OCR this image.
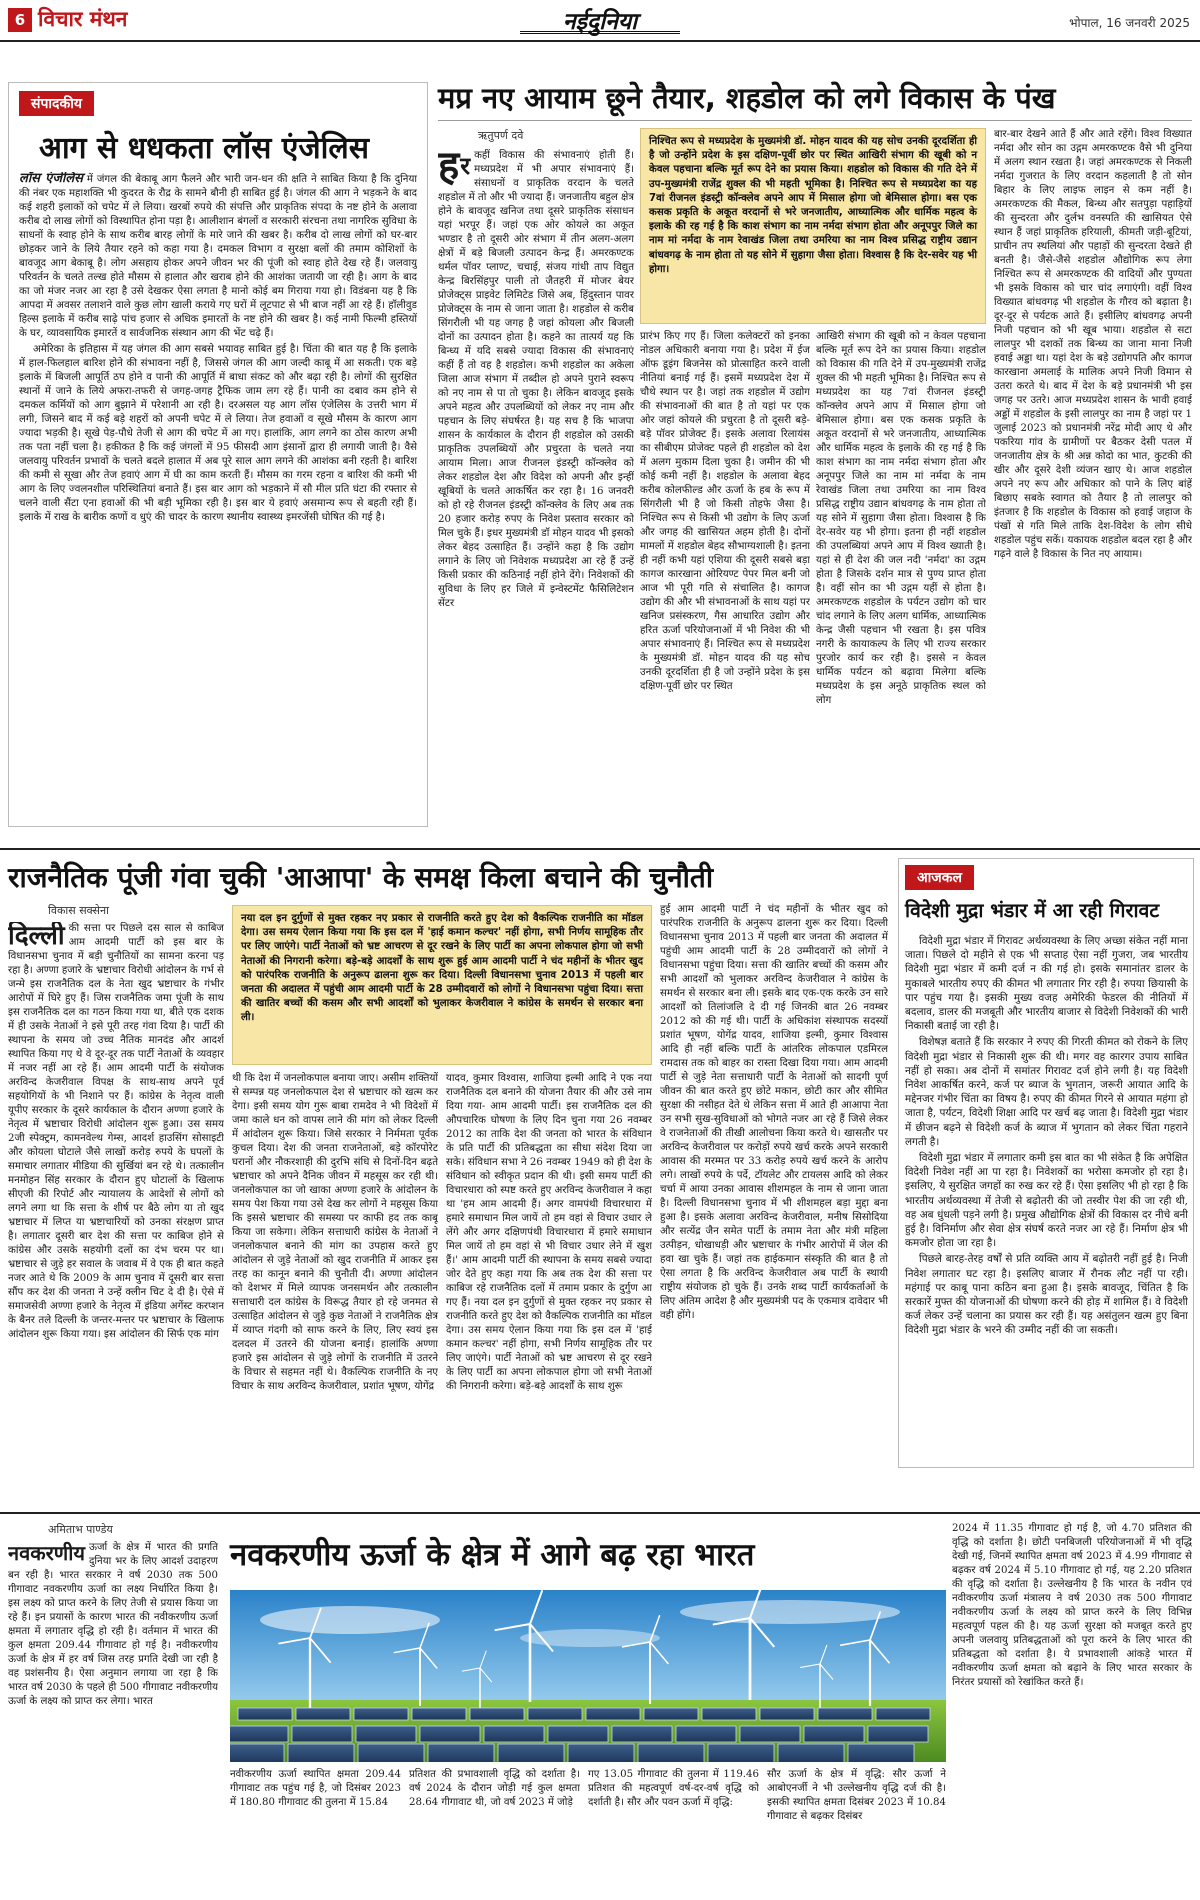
6 विचार मंथन	नईदुनिया	भोपाल, 16 जनवरी 2025
संपादकीय
आग से धधकता लॉस एंजेलिस

लॉस एंजेलिस में जंगल की बेकाबू आग फैलने और भारी जन-धन की क्षति ने साबित किया है कि दुनिया की नंबर एक महाशक्ति भी कुदरत के रौद्र के सामने बौनी ही साबित हुई है। जंगल की आग ने भड़कने के बाद कई शहरी इलाकों को चपेट में ले लिया। खरबों रुपये की संपत्ति और प्राकृतिक संपदा के नष्ट होने के अलावा करीब दो लाख लोगों को विस्थापित होना पड़ा है। आलीशान बंगलों व सरकारी संरचना तथा नागरिक सुविधा के साधनों के स्वाह होने के साथ करीब बारह लोगों के मारे जाने की खबर है। करीब दो लाख लोगों को घर-बार छोड़कर जाने के लिये तैयार रहने को कहा गया है। दमकल विभाग व सुरक्षा बलों की तमाम कोशिशों के बावजूद आग बेकाबू है। लोग असहाय होकर अपने जीवन भर की पूंजी को स्वाह होते देख रहे हैं। जलवायु परिवर्तन के चलते तल्ख होते मौसम से हालात और खराब होने की आशंका जतायी जा रही है। आग के बाद का जो मंजर नजर आ रहा है उसे देखकर ऐसा लगता है मानो कोई बम गिराया गया हो। विडंबना यह है कि आपदा में अवसर तलाशने वाले कुछ लोग खाली कराये गए घरों में लूटपाट से भी बाज नहीं आ रहे हैं। हॉलीवुड हिल्स इलाके में करीब साढ़े पांच हजार से अधिक इमारतों के नष्ट होने की खबर है। कई नामी फिल्मी हस्तियों के घर, व्यावसायिक इमारतें व सार्वजनिक संस्थान आग की भेंट चढ़े हैं।

अमेरिका के इतिहास में यह जंगल की आग सबसे भयावह साबित हुई है। चिंता की बात यह है कि इलाके में हाल-फिलहाल बारिश होने की संभावना नहीं है, जिससे जंगल की आग जल्दी काबू में आ सकती। एक बड़े इलाके में बिजली आपूर्ति ठप होने व पानी की आपूर्ति में बाधा संकट को और बढ़ा रही है। लोगों की सुरक्षित स्थानों में जाने के लिये अफरा-तफरी से जगह-जगह ट्रैफिक जाम लग रहे हैं। पानी का दबाव कम होने से दमकल कर्मियों को आग बुझाने में परेशानी आ रही है। दरअसल यह आग लॉस एंजेलिस के उत्तरी भाग में लगी, जिसने बाद में कई बड़े शहरों को अपनी चपेट में ले लिया। तेज हवाओं व सूखे मौसम के कारण आग ज्यादा भड़की है। सूखे पेड़-पौधे तेजी से आग की चपेट में आ गए। हालांकि, आग लगने का ठोस कारण अभी तक पता नहीं चला है। हकीकत है कि कई जंगलों में 95 फीसदी आग इंसानों द्वारा ही लगायी जाती है। वैसे जलवायु परिवर्तन प्रभावों के चलते बदले हालात में अब पूरे साल आग लगने की आशंका बनी रहती है। बारिश की कमी से सूखा और तेज हवाएं आग में घी का काम करती हैं। मौसम का गरम रहना व बारिश की कमी भी आग के लिए ज्वलनशील परिस्थितियां बनाते हैं। इस बार आग को भड़काने में सौ मील प्रति घंटा की रफ्तार से चलने वाली सैंटा एना हवाओं की भी बड़ी भूमिका रही है। इस बार ये हवाएं असमान्य रूप से बहती रही हैं। इलाके में राख के बारीक कणों व धुएं की चादर के कारण स्थानीय स्वास्थ्य इमरजेंसी घोषित की गई है।

मप्र नए आयाम छूने तैयार, शहडोल को लगे विकास के पंख
ऋतुपर्ण दवे

ह र कहीं विकास की संभावनाएं होती हैं। मध्यप्रदेश में भी अपार संभावनाएं हैं। संसाधनों व प्राकृतिक वरदान के चलते शहडोल में तो और भी ज्यादा हैं। जनजातीय बहुल क्षेत्र होने के बावजूद खनिज तथा दूसरे प्राकृतिक संसाधन यहां भरपूर हैं। जहां एक ओर कोयले का अकूत भण्डार है तो दूसरी ओर संभाग में तीन अलग-अलग क्षेत्रों में बड़े बिजली उत्पादन केन्द्र हैं। अमरकण्टक थर्मल पॉवर प्लाण्ट, चचाई, संजय गांधी ताप विद्युत केन्द्र बिरसिंहपुर पाली तो जैतहरी में मोजर बेयर प्रोजेक्ट्स प्राइवेट लिमिटेड जिसे अब, हिंदुस्तान पावर प्रोजेक्ट्स के नाम से जाना जाता है। शहडोल से करीब सिंगरौली भी यह जगह है जहां कोयला और बिजली दोनों का उत्पादन होता है। कहने का तात्पर्य यह कि बिन्ध्य में यदि सबसे ज्यादा विकास की संभावनाएं कहीं हैं तो वह है शहडोल। कभी शहडोल का अकेला जिला आज संभाग में तब्दील हो अपने पुराने स्वरूप को नए नाम से पा तो चुका है। लेकिन बावजूद इसके अपने महत्व और उपलब्धियों को लेकर नए नाम और पहचान के लिए संघर्षरत है। यह सच है कि भाजपा शासन के कार्यकाल के दौरान ही शहडोल को उसकी प्राकृतिक उपलब्धियों और प्रचुरता के चलते नया आयाम मिला। आज रीजनल इंडस्ट्री कॉन्क्लेव को लेकर शहडोल देश और विदेश को अपनी और इन्हीं खूबियों के चलते आकर्षित कर रहा है। 16 जनवरी को हो रहे रीजनल इंडस्ट्री कॉन्क्लेव के लिए अब तक 20 हजार करोड़ रुपए के निवेश प्रस्ताव सरकार को मिल चुके हैं। इधर मुख्यमंत्री डॉ मोहन यादव भी इसको लेकर बेहद उत्साहित हैं। उन्होंने कहा है कि उद्योग लगाने के लिए जो निवेशक मध्यप्रदेश आ रहे हैं उन्हें किसी प्रकार की कठिनाई नहीं होने देंगे। निवेशकों की सुविधा के लिए हर जिले में इन्वेस्टमेंट फैसिलिटेशन सेंटर

निश्चित रूप से मध्यप्रदेश के मुख्यमंत्री डॉ. मोहन यादव की यह सोच उनकी दूरदर्शिता ही है जो उन्होंने प्रदेश के इस दक्षिण-पूर्वी छोर पर स्थित आखिरी संभाग की खूबी को न केवल पहचाना बल्कि मूर्त रूप देने का प्रयास किया। शहडोल को विकास की गति देने में उप-मुख्यमंत्री राजेंद्र शुक्ल की भी महती भूमिका है। निश्चित रूप से मध्यप्रदेश का यह 7वां रीजनल इंडस्ट्री कॉन्क्लेव अपने आप में मिसाल होगा जो बेमिसाल होगा। बस एक कसक प्रकृति के अकूत वरदानों से भरे जनजातीय, आध्यात्मिक और धार्मिक महत्व के इलाके की रह गई है कि काश संभाग का नाम नर्मदा संभाग होता और अनूपपुर जिले का नाम मां नर्मदा के नाम रेवाखंड जिला तथा उमरिया का नाम विश्व प्रसिद्ध राष्ट्रीय उद्यान बांधवगढ़ के नाम होता तो यह सोने में सुहागा जैसा होता। विश्वास है कि देर-सवेर यह भी होगा।
प्रारंभ किए गए हैं। जिला कलेक्टरों को इनका नोडल अधिकारी बनाया गया है। प्रदेश में ईज ऑफ डूइंग बिजनेस को प्रोत्साहित करने वाली नीतियां बनाई गई हैं। इसमें मध्यप्रदेश देश में चौथे स्थान पर है। जहां तक शहडोल में उद्योग की संभावनाओं की बात है तो यहां पर एक ओर जहां कोयले की प्रचुरता है तो दूसरी बड़े-बड़े पॉवर प्रोजेक्ट हैं। इसके अलावा रिलायंस का सीबीएम प्रोजेक्ट पहले ही शहडोल को देश में अलग मुकाम दिला चुका है। जमीन की भी कोई कमी नहीं है। शहडोल के अलावा बेहद करीब कोलफील्ड और ऊर्जा के हब के रूप में सिंगरौली भी है जो किसी तोहफे जैसा है। निश्चित रूप से किसी भी उद्योग के लिए ऊर्जा और जगह की खासियत अहम होती है। दोनों मामलों में शहडोल बेहद सौभाग्यशाली है। इतना ही नहीं कभी यहां एशिया की दूसरी सबसे बड़ा कागज कारखाना ओरियण्ट पेपर मिल बनी जो आज भी पूरी गति से संचालित है। कागज उद्योग की और भी संभावनाओं के साथ यहां पर खनिज प्रसंस्करण, गैस आधारित उद्योग और हरित ऊर्जा परियोजनाओं में भी निवेश की भी अपार संभावनाएं हैं। निश्चित रूप से मध्यप्रदेश के मुख्यमंत्री डॉ. मोहन यादव की यह सोच उनकी दूरदर्शिता ही है जो उन्होंने प्रदेश के इस दक्षिण-पूर्वी छोर पर स्थित
आखिरी संभाग की खूबी को न केवल पहचाना बल्कि मूर्त रूप देने का प्रयास किया। शहडोल को विकास की गति देने में उप-मुख्यमंत्री राजेंद्र शुक्ल की भी महती भूमिका है। निश्चित रूप से मध्यप्रदेश का यह 7वां रीजनल इंडस्ट्री कॉन्क्लेव अपने आप में मिसाल होगा जो बेमिसाल होगा। बस एक कसक प्रकृति के अकूत वरदानों से भरे जनजातीय, आध्यात्मिक और धार्मिक महत्व के इलाके की रह गई है कि काश संभाग का नाम नर्मदा संभाग होता और अनूपपुर जिले का नाम मां नर्मदा के नाम रेवाखंड जिला तथा उमरिया का नाम विश्व प्रसिद्ध राष्ट्रीय उद्यान बांधवगढ़ के नाम होता तो यह सोने में सुहागा जैसा होता। विश्वास है कि देर-सवेर यह भी होगा। इतना ही नहीं शहडोल की उपलब्धियां अपने आप में विश्व ख्याती है। यहां से ही देश की जल नदी 'नर्मदा' का उद्गम होता है जिसके दर्शन मात्र से पुण्य प्राप्त होता है। वहीं सोन का भी उद्गम यहीं से होता है। अमरकण्टक शहडोल के पर्यटन उद्योग को चार चांद लगाने के लिए अलग धार्मिक, आध्यात्मिक केन्द्र जैसी पहचान भी रखता है। इस पवित्र नगरी के कायाकल्प के लिए भी राज्य सरकार पुरजोर कार्य कर रही है। इससे न केवल धार्मिक पर्यटन को बढ़ावा मिलेगा बल्कि मध्यप्रदेश के इस अनूठे प्राकृतिक स्थल को लोग
बार-बार देखने आते हैं और आते रहेंगे। विश्व विख्यात नर्मदा और सोन का उद्गम अमरकण्टक वैसे भी दुनिया में अलग स्थान रखता है। जहां अमरकण्टक से निकली नर्मदा गुजरात के लिए वरदान कहलाती है तो सोन बिहार के लिए लाइफ लाइन से कम नहीं है। अमरकण्टक की मैकल, बिन्ध्य और सतपुड़ा पहाड़ियों की सुन्दरता और दुर्लभ वनस्पति की खासियत ऐसे स्थान हैं जहां प्राकृतिक हरियाली, कीमती जड़ी-बूटियां, प्राचीन तप स्थलियां और पहाड़ों की सुन्दरता देखते ही बनती है। जैसे-जैसे शहडोल औद्योगिक रूप लेगा निश्चित रूप से अमरकण्टक की वादियों और पुण्यता भी इसके विकास को चार चांद लगाएंगी। वहीं विश्व विख्यात बांधवगढ़ भी शहडोल के गौरव को बढ़ाता है। दूर-दूर से पर्यटक आते हैं। इसीलिए बांधवगढ़ अपनी निजी पहचान को भी खूब भाया। शहडोल से सटा लालपुर भी दशकों तक बिन्ध्य का जाना माना निजी हवाई अड्डा था। यहां देश के बड़े उद्योगपति और कागज कारखाना अमलाई के मालिक अपने निजी विमान से उतरा करते थे। बाद में देश के बड़े प्रधानमंत्री भी इस जगह पर उतरे। आज मध्यप्रदेश शासन के भावी हवाई अड्डों में शहडोल के इसी लालपुर का नाम है जहां पर 1 जुलाई 2023 को प्रधानमंत्री नरेंद्र मोदी आए थे और पकरिया गांव के ग्रामीणों पर बैठकर देसी पतल में जनजातीय क्षेत्र के श्री अन्न कोदो का भात, कुटकी की खीर और दूसरे देशी व्यंजन खाए थे। आज शहडोल अपने नए रूप और अधिकार को पाने के लिए बांहें बिछाए सबके स्वागत को तैयार है तो लालपुर को इंतजार है कि शहडोल के विकास को हवाई जहाज के पंखों से गति मिले ताकि देश-विदेश के लोग सीधे शहडोल पहुंच सकें। यकायक शहडोल बदल रहा है और गढ़ने वाले है विकास के नित नए आयाम।
राजनैतिक पूंजी गंवा चुकी 'आआपा' के समक्ष किला बचाने की चुनौती
विकास सक्सेना

दिल्ली की सत्ता पर पिछले दस साल से काबिज आम आदमी पार्टी को इस बार के विधानसभा चुनाव में बड़ी चुनौतियों का सामना करना पड़ रहा है। अण्णा हजारे के भ्रष्टाचार विरोधी आंदोलन के गर्भ से जन्मे इस राजनैतिक दल के नेता खुद भ्रष्टाचार के गंभीर आरोपों में घिरे हुए हैं। जिस राजनैतिक जमा पूंजी के साथ इस राजनैतिक दल का गठन किया गया था, बीते एक दशक में ही उसके नेताओं ने इसे पूरी तरह गंवा दिया है। पार्टी की स्थापना के समय जो उच्च नैतिक मानदंड और आदर्श स्थापित किया गए थे वे दूर-दूर तक पार्टी नेताओं के व्यवहार में नजर नहीं आ रहे हैं। आम आदमी पार्टी के संयोजक अरविन्द केजरीवाल विपक्ष के साथ-साथ अपने पूर्व सहयोगियों के भी निशाने पर हैं। कांग्रेस के नेतृत्व वाली यूपीए सरकार के दूसरे कार्यकाल के दौरान अण्णा हजारे के नेतृत्व में भ्रष्टाचार विरोधी आंदोलन शुरू हुआ। उस समय 2जी स्पेक्ट्रम, कामनवेल्थ गेम्स, आदर्श हाउसिंग सोसाइटी और कोयला घोटाले जैसे लाखों करोड़ रुपये के घपलों के समाचार लगातार मीडिया की सुर्खियां बन रहे थे। तत्कालीन मनमोहन सिंह सरकार के दौरान हुए घोटालों के खिलाफ सीएजी की रिपोर्ट और न्यायालय के आदेशों से लोगों को लगने लगा था कि सत्ता के शीर्ष पर बैठे लोग या तो खुद भ्रष्टाचार में लिप्त या भ्रष्टाचारियों को उनका संरक्षण प्राप्त है। लगातार दूसरी बार देश की सत्ता पर काबिज होने से कांग्रेस और उसके सहयोगी दलों का दंभ चरम पर था। भ्रष्टाचार से जुड़े हर सवाल के जवाब में वे एक ही बात कहते नजर आते थे कि 2009 के आम चुनाव में दूसरी बार सत्ता सौंप कर देश की जनता ने उन्हें क्लीन चिट दे दी है। ऐसे में समाजसेवी अण्णा हजारे के नेतृत्व में इंडिया अगेंस्ट करप्शन के बैनर तले दिल्ली के जन्तर-मन्तर पर भ्रष्टाचार के खिलाफ आंदोलन शुरू किया गया। इस आंदोलन की सिर्फ एक मांग

नया दल इन दुर्गुणों से मुक्त रहकर नए प्रकार से राजनीति करते हुए देश को वैकल्पिक राजनीति का मॉडल देगा। उस समय ऐलान किया गया कि इस दल में 'हाई कमान कल्चर' नहीं होगा, सभी निर्णय सामूहिक तौर पर लिए जाएंगे। पार्टी नेताओं को भ्रष्ट आचरण से दूर रखने के लिए पार्टी का अपना लोकपाल होगा जो सभी नेताओं की निगरानी करेगा। बड़े-बड़े आदर्शों के साथ शुरू हुई आम आदमी पार्टी ने चंद महीनों के भीतर खुद को पारंपरिक राजनीति के अनुरूप ढालना शुरू कर दिया। दिल्ली विधानसभा चुनाव 2013 में पहली बार जनता की अदालत में पहुंची आम आदमी पार्टी के 28 उम्मीदवारों को लोगों ने विधानसभा पहुंचा दिया। सत्ता की खातिर बच्चों की कसम और सभी आदर्शों को भुलाकर केजरीवाल ने कांग्रेस के समर्थन से सरकार बना ली।
थी कि देश में जनलोकपाल बनाया जाए। असीम शक्तियों से सम्पन्न यह जनलोकपाल देश से भ्रष्टाचार को खत्म कर देगा। इसी समय योग गुरू बाबा रामदेव ने भी विदेशों में जमा काले धन को वापस लाने की मांग को लेकर दिल्ली में आंदोलन शुरू किया। जिसे सरकार ने निर्ममता पूर्वक कुचल दिया। देश की जनता राजनेताओं, बड़े कॉरपोरेट घरानों और नौकरशाही की दुरभि संधि से दिनों-दिन बढ़ते भ्रष्टाचार को अपने दैनिक जीवन में महसूस कर रही थी। जनलोकपाल का जो खाका अण्णा हजारे के आंदोलन के समय पेश किया गया उसे देख कर लोगों ने महसूस किया कि इससे भ्रष्टाचार की समस्या पर काफी हद तक काबू किया जा सकेगा। लेकिन सत्ताधारी कांग्रेस के नेताओं ने जनलोकपाल बनाने की मांग का उपहास करते हुए आंदोलन से जुड़े नेताओं को खुद राजनीति में आकर इस तरह का कानून बनाने की चुनौती दी। अण्णा आंदोलन को देशभर में मिले व्यापक जनसमर्थन और तत्कालीन सत्ताधारी दल कांग्रेस के विरूद्ध तैयार हो रहे जनमत से उत्साहित आंदोलन से जुड़े कुछ नेताओं ने राजनैतिक क्षेत्र में व्याप्त गंदगी को साफ करने के लिए, लिए स्वयं इस दलदल में उतरने की योजना बनाई। हालांकि अण्णा हजारे इस आंदोलन से जुड़े लोगों के राजनीति में उतरने के विचार से सहमत नहीं थे। वैकल्पिक राजनीति के नए विचार के साथ अरविन्द केजरीवाल, प्रशांत भूषण, योगेंद्र
यादव, कुमार विश्वास, शाजिया इल्मी आदि ने एक नया राजनैतिक दल बनाने की योजना तैयार की और उसे नाम दिया गया- आम आदमी पार्टी। इस राजनैतिक दल की औपचारिक घोषणा के लिए दिन चुना गया 26 नवम्बर 2012 का ताकि देश की जनता को भारत के संविधान के प्रति पार्टी की प्रतिबद्धता का सीधा संदेश दिया जा सके। संविधान सभा ने 26 नवम्बर 1949 को ही देश के संविधान को स्वीकृत प्रदान की थी। इसी समय पार्टी की विचारधारा को स्पष्ट करते हुए अरविन्द केजरीवाल ने कहा था 'हम आम आदमी हैं। अगर वामपंथी विचारधारा में हमारे समाधान मिल जायें तो हम वहां से विचार उधार ले लेंगे और अगर दक्षिणपंथी विचारधारा में हमारे समाधान मिल जायें तो हम वहां से भी विचार उधार लेने में खुश हैं।' आम आदमी पार्टी की स्थापना के समय सबसे ज्यादा जोर देते हुए कहा गया कि अब तक देश की सत्ता पर काबिज रहे राजनैतिक दलों में तमाम प्रकार के दुर्गुण आ गए हैं। नया दल इन दुर्गुणों से मुक्त रहकर नए प्रकार से राजनीति करते हुए देश को वैकल्पिक राजनीति का मॉडल देगा। उस समय ऐलान किया गया कि इस दल में 'हाई कमान कल्चर' नहीं होगा, सभी निर्णय सामूहिक तौर पर लिए जाएंगे। पार्टी नेताओं को भ्रष्ट आचरण से दूर रखने के लिए पार्टी का अपना लोकपाल होगा जो सभी नेताओं की निगरानी करेगा। बड़े-बड़े आदर्शों के साथ शुरू
हुई आम आदमी पार्टी ने चंद महीनों के भीतर खुद को पारंपरिक राजनीति के अनुरूप ढालना शुरू कर दिया। दिल्ली विधानसभा चुनाव 2013 में पहली बार जनता की अदालत में पहुंची आम आदमी पार्टी के 28 उम्मीदवारों को लोगों ने विधानसभा पहुंचा दिया। सत्ता की खातिर बच्चों की कसम और सभी आदर्शों को भुलाकर अरविन्द केजरीवाल ने कांग्रेस के समर्थन से सरकार बना ली। इसके बाद एक-एक करके उन सारे आदर्शों को तिलांजलि दे दी गई जिनकी बात 26 नवम्बर 2012 को की गई थी। पार्टी के अधिकांश संस्थापक सदस्यों प्रशांत भूषण, योगेंद्र यादव, शाजिया इल्मी, कुमार विश्वास आदि ही नहीं बल्कि पार्टी के आंतरिक लोकपाल एडमिरल रामदास तक को बाहर का रास्ता दिखा दिया गया। आम आदमी पार्टी से जुड़े नेता सत्ताधारी पार्टी के नेताओं को सादगी पूर्ण जीवन की बात करते हुए छोटे मकान, छोटी कार और सीमित सुरक्षा की नसीहत देते थे लेकिन सत्ता में आते ही आआपा नेता उन सभी सुख-सुविधाओं को भोगते नजर आ रहे हैं जिसे लेकर वे राजनेताओं की तीखी आलोचना किया करते थे। खासतौर पर अरविन्द केजरीवाल पर करोड़ों रुपये खर्च करके अपने सरकारी आवास की मरम्मत पर 33 करोड़ रुपये खर्च करने के आरोप लगे। लाखों रुपये के पर्दे, टॉयलेट और टायलस आदि को लेकर चर्चा में आया उनका आवास शीशमहल के नाम से जाना जाता है। दिल्ली विधानसभा चुनाव में भी शीशमहल बड़ा मुद्दा बना हुआ है। इसके अलावा अरविन्द केजरीवाल, मनीष सिसोदिया और सत्येंद्र जैन समेत पार्टी के तमाम नेता और मंत्री महिला उत्पीड़न, धोखाधड़ी और भ्रष्टाचार के गंभीर आरोपों में जेल की हवा खा चुके हैं। जहां तक हाईकमान संस्कृति की बात है तो ऐसा लगता है कि अरविन्द केजरीवाल अब पार्टी के स्थायी राष्ट्रीय संयोजक हो चुके हैं। उनके शब्द पार्टी कार्यकर्ताओं के लिए अंतिम आदेश है और मुख्यमंत्री पद के एकमात्र दावेदार भी वही होंगे।
आजकल
विदेशी मुद्रा भंडार में आ रही गिरावट

विदेशी मुद्रा भंडार में गिरावट अर्थव्यवस्था के लिए अच्छा संकेत नहीं माना जाता। पिछले दो महीने से एक भी सप्ताह ऐसा नहीं गुजरा, जब भारतीय विदेशी मुद्रा भंडार में कमी दर्ज न की गई हो। इसके समानांतर डालर के मुकाबले भारतीय रुपए की कीमत भी लगातार गिर रही है। रुपया छियासी के पार पहुंच गया है। इसकी मुख्य वजह अमेरिकी फेडरल की नीतियों में बदलाव, डालर की मजबूती और भारतीय बाजार से विदेशी निवेशकों की भारी निकासी बताई जा रही है।

विशेषज्ञ बताते हैं कि सरकार ने रुपए की गिरती कीमत को रोकने के लिए विदेशी मुद्रा भंडार से निकासी शुरू की थी। मगर वह कारगर उपाय साबित नहीं हो सका। अब दोनों में समांतर गिरावट दर्ज होने लगी है। यह विदेशी निवेश आकर्षित करने, कर्ज पर ब्याज के भुगतान, जरूरी आयात आदि के मद्देनजर गंभीर चिंता का विषय है। रुपए की कीमत गिरने से आयात महंगा हो जाता है, पर्यटन, विदेशी शिक्षा आदि पर खर्च बढ़ जाता है। विदेशी मुद्रा भंडार में छीजन बढ़ने से विदेशी कर्ज के ब्याज में भुगतान को लेकर चिंता गहराने लगती है।

विदेशी मुद्रा भंडार में लगातार कमी इस बात का भी संकेत है कि अपेक्षित विदेशी निवेश नहीं आ पा रहा है। निवेशकों का भरोसा कमजोर हो रहा है। इसलिए, ये सुरक्षित जगहों का रुख कर रहे हैं। ऐसा इसलिए भी हो रहा है कि भारतीय अर्थव्यवस्था में तेजी से बढ़ोतरी की जो तस्वीर पेश की जा रही थी, वह अब धुंधली पड़ने लगी है। प्रमुख औद्योगिक क्षेत्रों की विकास दर नीचे बनी हुई है। विनिर्माण और सेवा क्षेत्र संघर्ष करते नजर आ रहे हैं। निर्माण क्षेत्र भी कमजोर होता जा रहा है।

पिछले बारह-तेरह वर्षों से प्रति व्यक्ति आय में बढ़ोतरी नहीं हुई है। निजी निवेश लगातार घट रहा है। इसलिए बाजार में रौनक लौट नहीं पा रही। महंगाई पर काबू पाना कठिन बना हुआ है। इसके बावजूद, चिंतित है कि सरकारें मुफ्त की योजनाओं की घोषणा करने की होड़ में शामिल हैं। वे विदेशी कर्ज लेकर उन्हें चलाना का प्रयास कर रही हैं। यह असंतुलन खत्म हुए बिना विदेशी मुद्रा भंडार के भरने की उम्मीद नहीं की जा सकती।

अमिताभ पाण्डेय

नवकरणीय ऊर्जा के क्षेत्र में भारत की प्रगति दुनिया भर के लिए आदर्श उदाहरण बन रही है। भारत सरकार ने वर्ष 2030 तक 500 गीगावाट नवकरणीय ऊर्जा का लक्ष्य निर्धारित किया है। इस लक्ष्य को प्राप्त करने के लिए तेजी से प्रयास किया जा रहे हैं। इन प्रयासों के कारण भारत की नवीकरणीय ऊर्जा क्षमता में लगातार वृद्धि हो रही है। वर्तमान में भारत की कुल क्षमता 209.44 गीगावाट हो गई है। नवीकरणीय ऊर्जा के क्षेत्र में हर वर्ष जिस तरह प्रगति देखी जा रही है वह प्रशंसनीय है। ऐसा अनुमान लगाया जा रहा है कि भारत वर्ष 2030 के पहले ही 500 गीगावाट नवीकरणीय ऊर्जा के लक्ष्य को प्राप्त कर लेगा। भारत

नवकरणीय ऊर्जा के क्षेत्र में आगे बढ़ रहा भारत
नवीकरणीय ऊर्जा स्थापित क्षमता 209.44 गीगावाट तक पहुंच गई है, जो दिसंबर 2023 में 180.80 गीगावाट की तुलना में 15.84
प्रतिशत की प्रभावशाली वृद्धि को दर्शाता है। वर्ष 2024 के दौरान जोड़ी गई कुल क्षमता 28.64 गीगावाट थी, जो वर्ष 2023 में जोड़े
गए 13.05 गीगावाट की तुलना में 119.46 प्रतिशत की महत्वपूर्ण वर्ष-दर-वर्ष वृद्धि को दर्शाती है। सौर और पवन ऊर्जा में वृद्धि:
सौर ऊर्जा के क्षेत्र में वृद्धि: सौर ऊर्जा ने आबोएनर्जी ने भी उल्लेखनीय वृद्धि दर्ज की है। इसकी स्थापित क्षमता दिसंबर 2023 में 10.84 गीगावाट से बढ़कर दिसंबर
2024 में 11.35 गीगावाट हो गई है, जो 4.70 प्रतिशत की वृद्धि को दर्शाता है। छोटी पनबिजली परियोजनाओं में भी वृद्धि देखी गई, जिनमें स्थापित क्षमता वर्ष 2023 में 4.99 गीगावाट से बढ़कर वर्ष 2024 में 5.10 गीगावाट हो गई, यह 2.20 प्रतिशत की वृद्धि को दर्शाता है। उल्लेखनीय है कि भारत के नवीन एवं नवीकरणीय ऊर्जा मंत्रालय ने वर्ष 2030 तक 500 गीगावाट नवीकरणीय ऊर्जा के लक्ष्य को प्राप्त करने के लिए विभिन्न महत्वपूर्ण पहल की है। यह ऊर्जा सुरक्षा को मजबूत करते हुए अपनी जलवायु प्रतिबद्धताओं को पूरा करने के लिए भारत की प्रतिबद्धता को दर्शाता है। ये प्रभावशाली आंकड़े भारत में नवीकरणीय ऊर्जा क्षमता को बढ़ाने के लिए भारत सरकार के निरंतर प्रयासों को रेखांकित करते हैं।
